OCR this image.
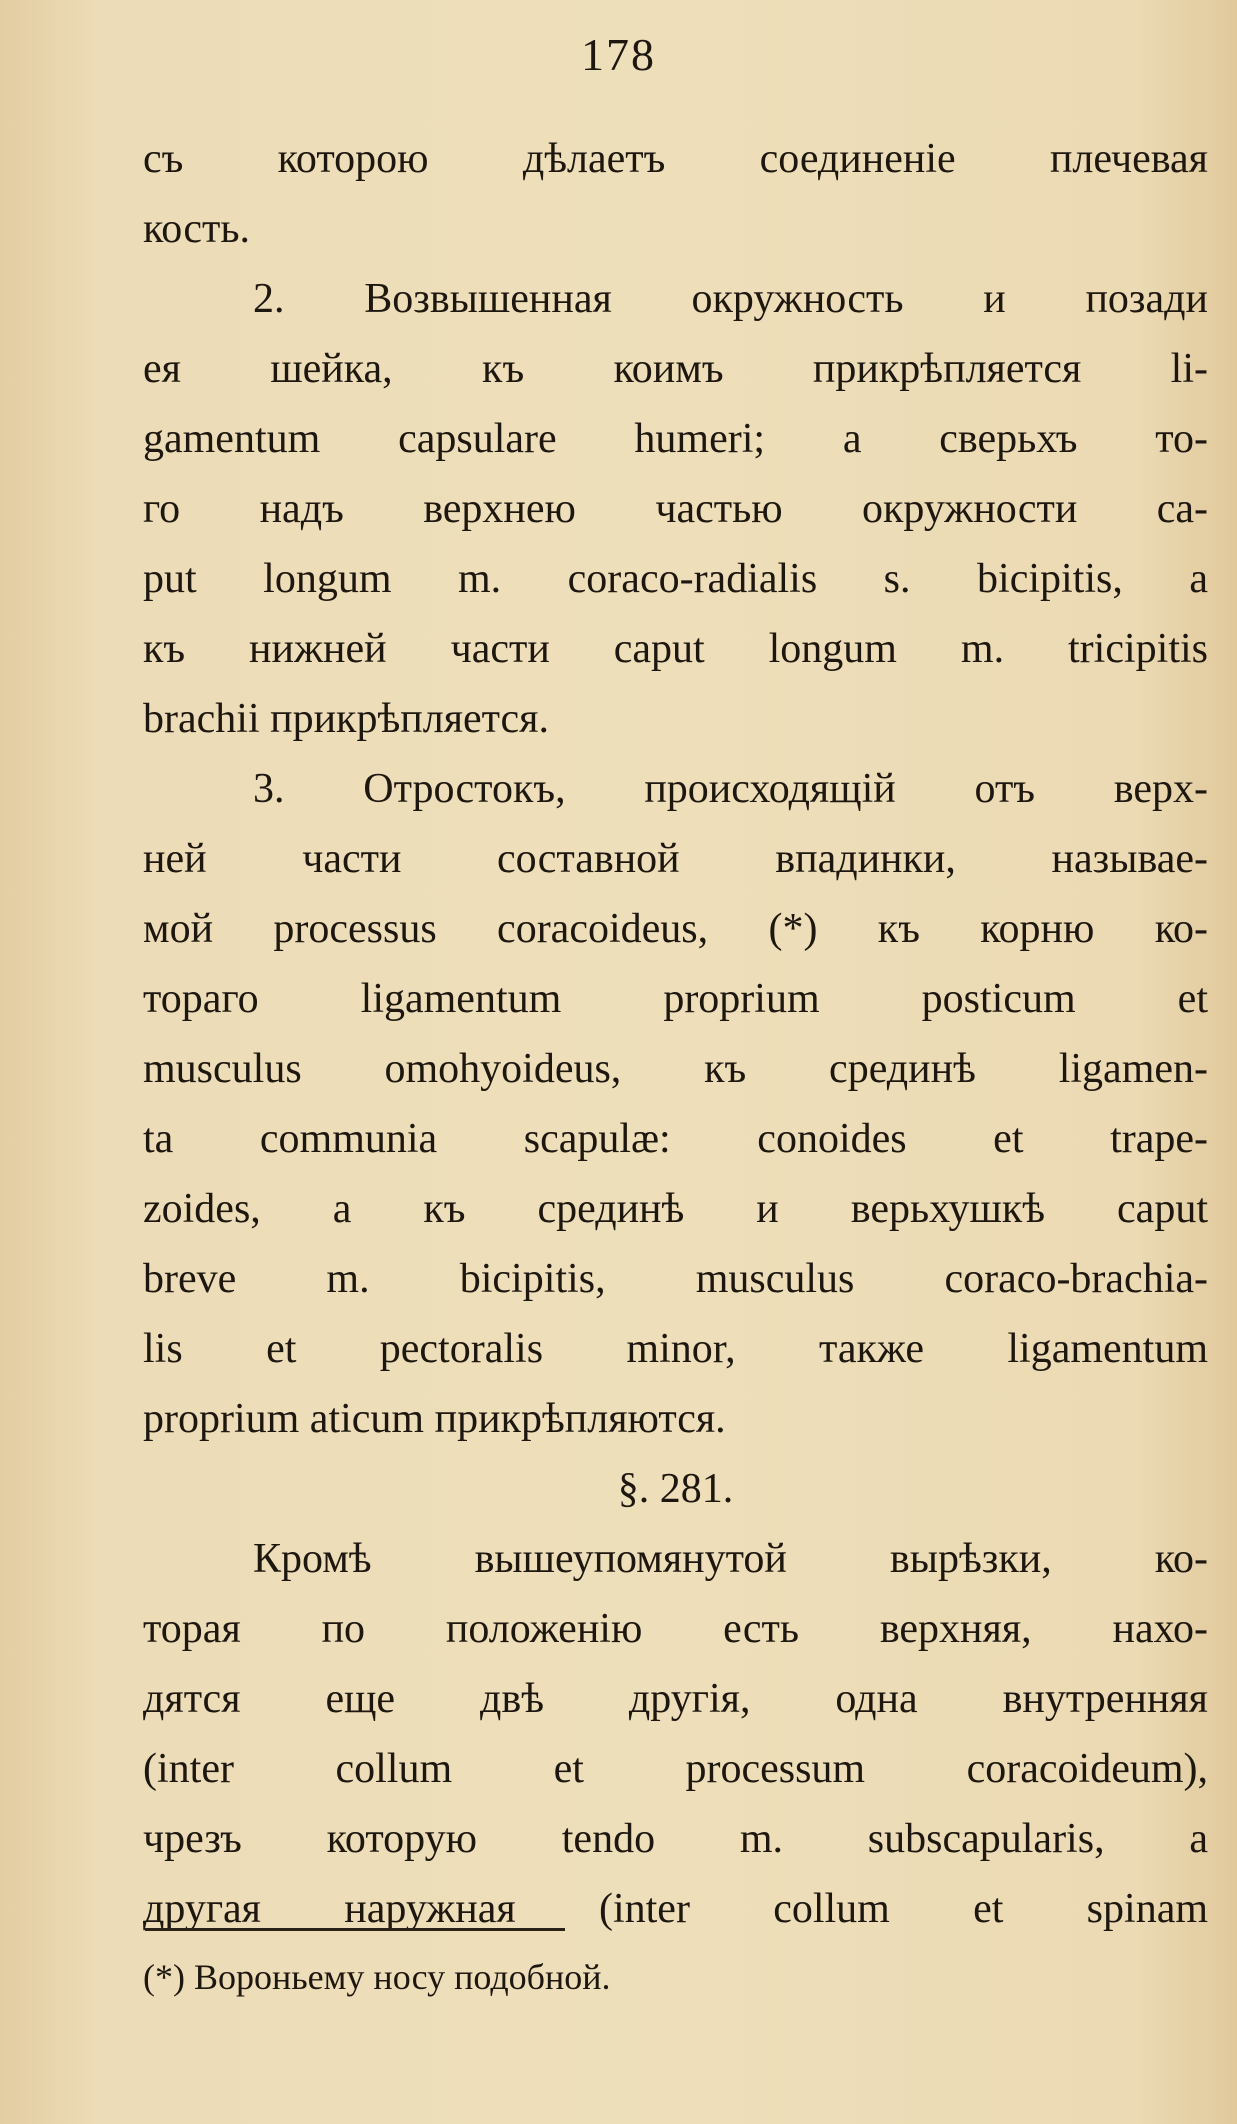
178
съ которою дѣлаетъ соединеніе плечевая
кость.
2. Возвышенная окружность и позади
ея шейка, къ коимъ прикрѣпляется li-
gamentum capsulare humeri; а сверьхъ то-
го надъ верхнею частью окружности ca-
put longum m. coraco-radialis s. bicipitis, а
къ нижней части caput longum m. tricipitis
brachii прикрѣпляется.
3. Отростокъ, происходящій отъ верх-
ней части составной впадинки, называе-
мой processus coracoideus, (*) къ корню ко-
тораго ligamentum proprium posticum et
musculus omohyoideus, къ срединѣ ligamen-
ta communia scapulæ: conoides et trape-
zoides, а къ срединѣ и верьхушкѣ caput
breve m. bicipitis, musculus coraco-brachia-
lis et pectoralis minor, также ligamentum
proprium aticum прикрѣпляются.
§. 281.
Кромѣ вышеупомянутой вырѣзки, ко-
торая по положенію есть верхняя, нахо-
дятся еще двѣ другія, одна внутренняя
(inter collum et processum coracoideum),
чрезъ которую tendo m. subscapularis, а
другая наружная (inter collum et spinam
(*) Вороньему носу подобной.
